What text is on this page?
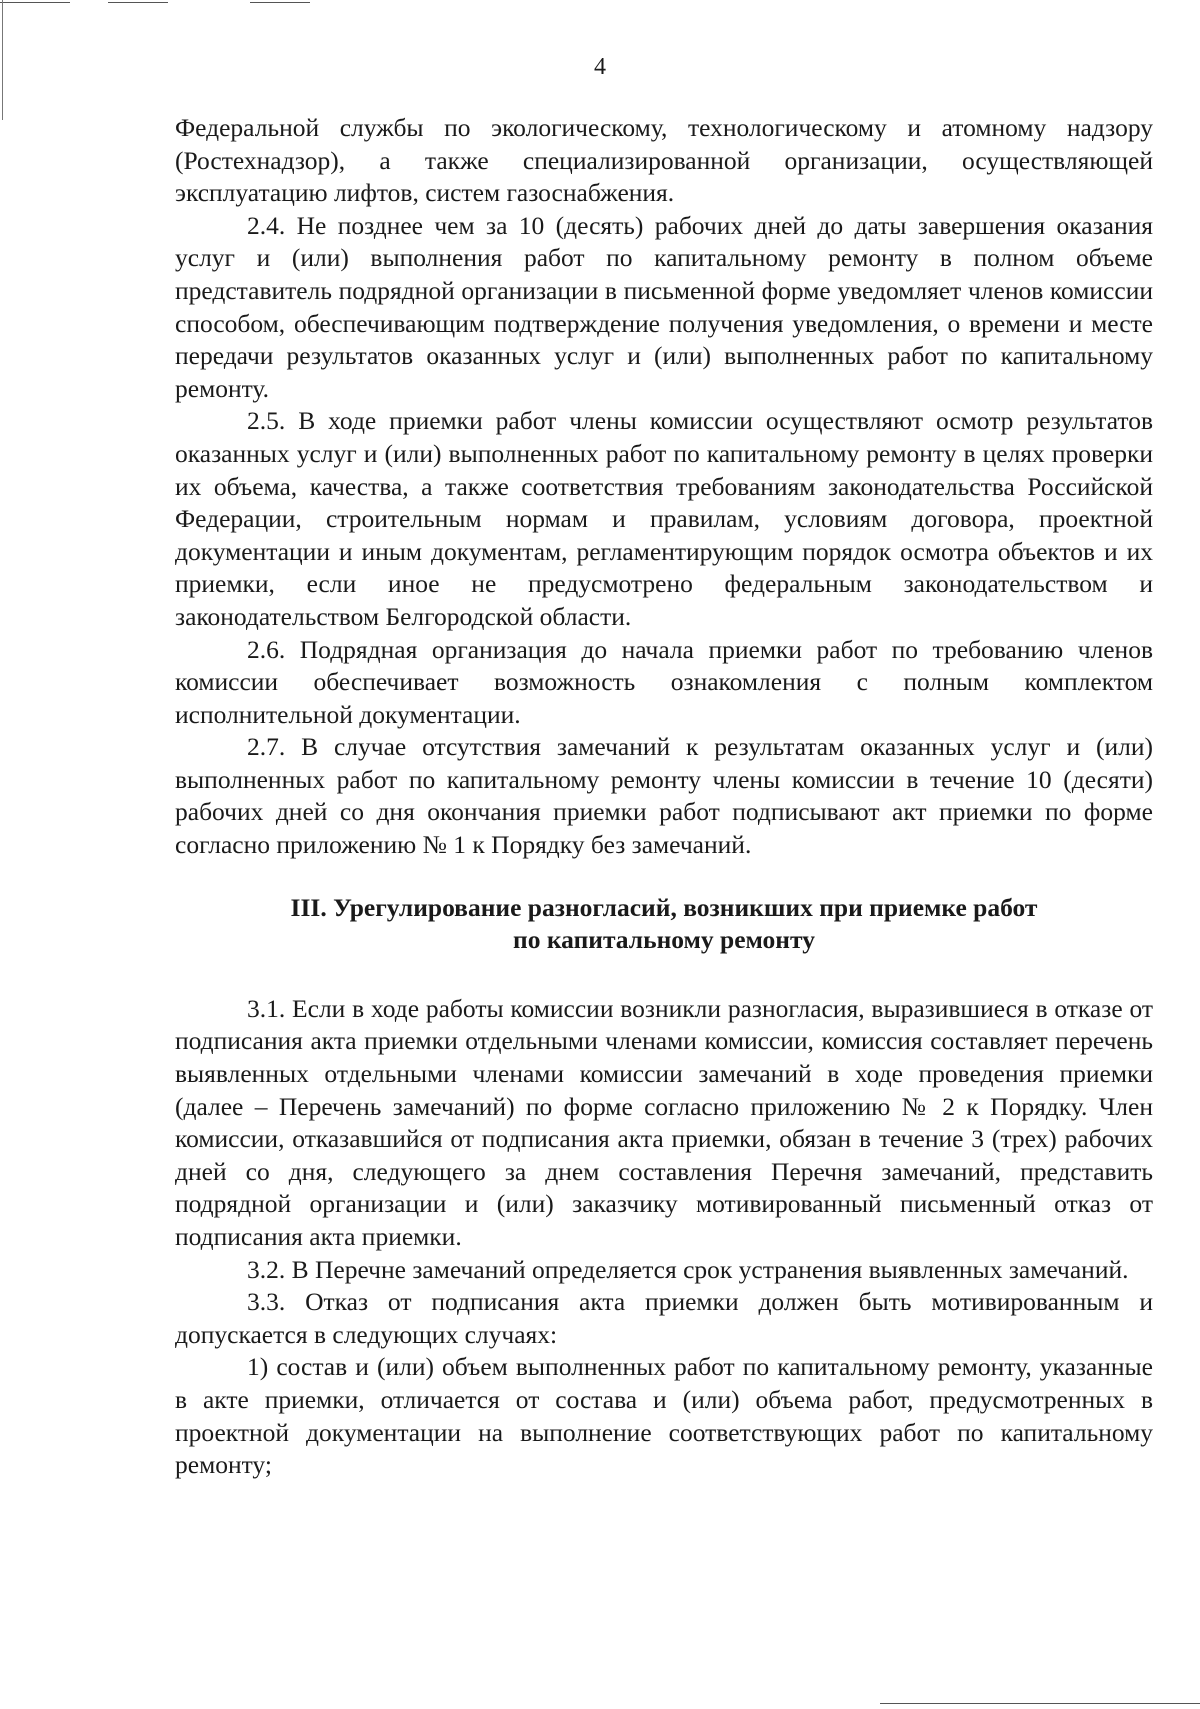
4

Федеральной службы по экологическому, технологическому и атомному надзору (Ростехнадзор), а также специализированной организации, осуществляющей эксплуатацию лифтов, систем газоснабжения.

2.4. Не позднее чем за 10 (десять) рабочих дней до даты завершения оказания услуг и (или) выполнения работ по капитальному ремонту в полном объеме представитель подрядной организации в письменной форме уведомляет членов комиссии способом, обеспечивающим подтверждение получения уведомления, о времени и месте передачи результатов оказанных услуг и (или) выполненных работ по капитальному ремонту.

2.5. В ходе приемки работ члены комиссии осуществляют осмотр результатов оказанных услуг и (или) выполненных работ по капитальному ремонту в целях проверки их объема, качества, а также соответствия требованиям законодательства Российской Федерации, строительным нормам и правилам, условиям договора, проектной документации и иным документам, регламентирующим порядок осмотра объектов и их приемки, если иное не предусмотрено федеральным законодательством и законодательством Белгородской области.

2.6. Подрядная организация до начала приемки работ по требованию членов комиссии обеспечивает возможность ознакомления с полным комплектом исполнительной документации.

2.7. В случае отсутствия замечаний к результатам оказанных услуг и (или) выполненных работ по капитальному ремонту члены комиссии в течение 10 (десяти) рабочих дней со дня окончания приемки работ подписывают акт приемки по форме согласно приложению № 1 к Порядку без замечаний.

III. Урегулирование разногласий, возникших при приемке работ
по капитальному ремонту

3.1. Если в ходе работы комиссии возникли разногласия, выразившиеся в отказе от подписания акта приемки отдельными членами комиссии, комиссия составляет перечень выявленных отдельными членами комиссии замечаний в ходе проведения приемки (далее – Перечень замечаний) по форме согласно приложению № 2 к Порядку. Член комиссии, отказавшийся от подписания акта приемки, обязан в течение 3 (трех) рабочих дней со дня, следующего за днем составления Перечня замечаний, представить подрядной организации и (или) заказчику мотивированный письменный отказ от подписания акта приемки.

3.2. В Перечне замечаний определяется срок устранения выявленных замечаний.

3.3. Отказ от подписания акта приемки должен быть мотивированным и допускается в следующих случаях:

1) состав и (или) объем выполненных работ по капитальному ремонту, указанные в акте приемки, отличается от состава и (или) объема работ, предусмотренных в проектной документации на выполнение соответствующих работ по капитальному ремонту;
